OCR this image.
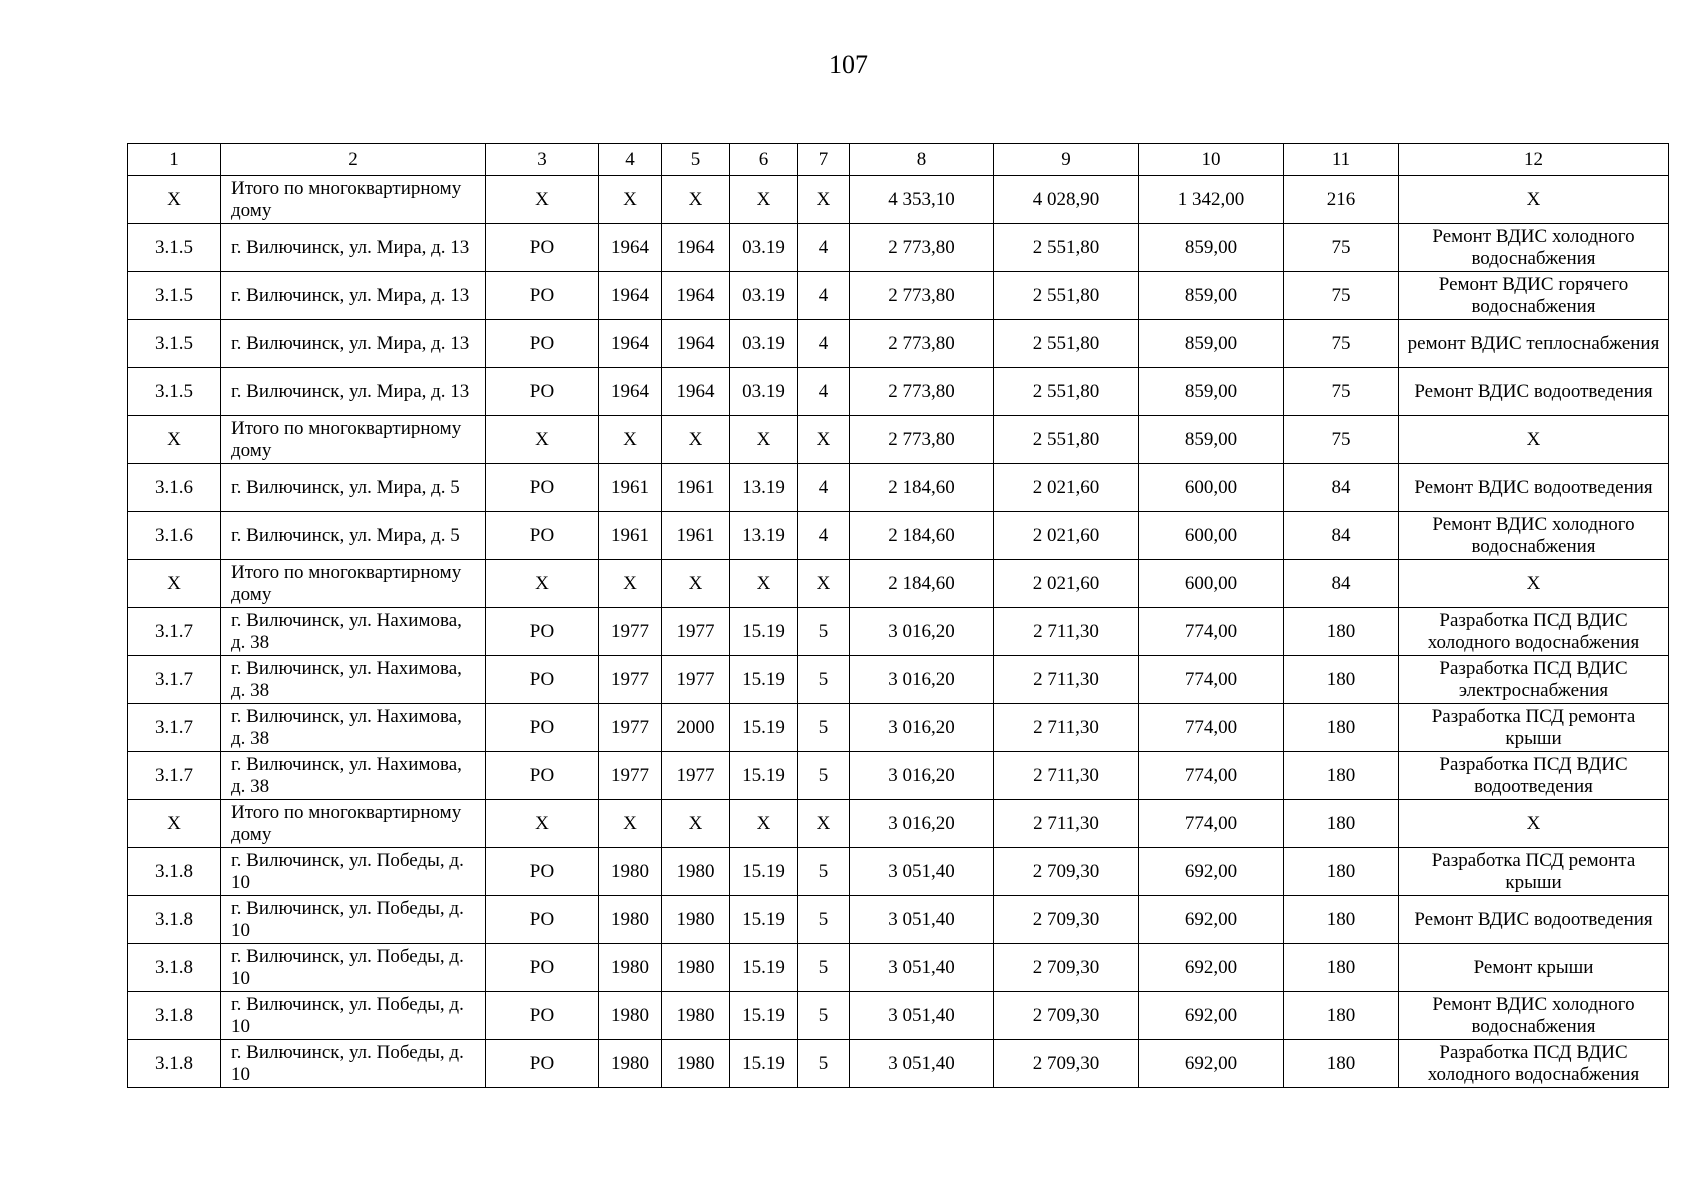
107
1	2	3	4	5	6	7	8	9	10	11	12
X	Итого по многоквартирному дому	X	X	X	X	X	4 353,10	4 028,90	1 342,00	216	X
3.1.5	г. Вилючинск, ул. Мира, д. 13	РО	1964	1964	03.19	4	2 773,80	2 551,80	859,00	75	Ремонт ВДИС холодного водоснабжения
3.1.5	г. Вилючинск, ул. Мира, д. 13	РО	1964	1964	03.19	4	2 773,80	2 551,80	859,00	75	Ремонт ВДИС горячего водоснабжения
3.1.5	г. Вилючинск, ул. Мира, д. 13	РО	1964	1964	03.19	4	2 773,80	2 551,80	859,00	75	ремонт ВДИС теплоснабжения
3.1.5	г. Вилючинск, ул. Мира, д. 13	РО	1964	1964	03.19	4	2 773,80	2 551,80	859,00	75	Ремонт ВДИС водоотведения
X	Итого по многоквартирному дому	X	X	X	X	X	2 773,80	2 551,80	859,00	75	X
3.1.6	г. Вилючинск, ул. Мира, д. 5	РО	1961	1961	13.19	4	2 184,60	2 021,60	600,00	84	Ремонт ВДИС водоотведения
3.1.6	г. Вилючинск, ул. Мира, д. 5	РО	1961	1961	13.19	4	2 184,60	2 021,60	600,00	84	Ремонт ВДИС холодного водоснабжения
X	Итого по многоквартирному дому	X	X	X	X	X	2 184,60	2 021,60	600,00	84	X
3.1.7	г. Вилючинск, ул. Нахимова, д. 38	РО	1977	1977	15.19	5	3 016,20	2 711,30	774,00	180	Разработка ПСД ВДИС холодного водоснабжения
3.1.7	г. Вилючинск, ул. Нахимова, д. 38	РО	1977	1977	15.19	5	3 016,20	2 711,30	774,00	180	Разработка ПСД ВДИС электроснабжения
3.1.7	г. Вилючинск, ул. Нахимова, д. 38	РО	1977	2000	15.19	5	3 016,20	2 711,30	774,00	180	Разработка ПСД ремонта крыши
3.1.7	г. Вилючинск, ул. Нахимова, д. 38	РО	1977	1977	15.19	5	3 016,20	2 711,30	774,00	180	Разработка ПСД ВДИС водоотведения
X	Итого по многоквартирному дому	X	X	X	X	X	3 016,20	2 711,30	774,00	180	X
3.1.8	г. Вилючинск, ул. Победы, д. 10	РО	1980	1980	15.19	5	3 051,40	2 709,30	692,00	180	Разработка ПСД ремонта крыши
3.1.8	г. Вилючинск, ул. Победы, д. 10	РО	1980	1980	15.19	5	3 051,40	2 709,30	692,00	180	Ремонт ВДИС водоотведения
3.1.8	г. Вилючинск, ул. Победы, д. 10	РО	1980	1980	15.19	5	3 051,40	2 709,30	692,00	180	Ремонт крыши
3.1.8	г. Вилючинск, ул. Победы, д. 10	РО	1980	1980	15.19	5	3 051,40	2 709,30	692,00	180	Ремонт ВДИС холодного водоснабжения
3.1.8	г. Вилючинск, ул. Победы, д. 10	РО	1980	1980	15.19	5	3 051,40	2 709,30	692,00	180	Разработка ПСД ВДИС холодного водоснабжения
